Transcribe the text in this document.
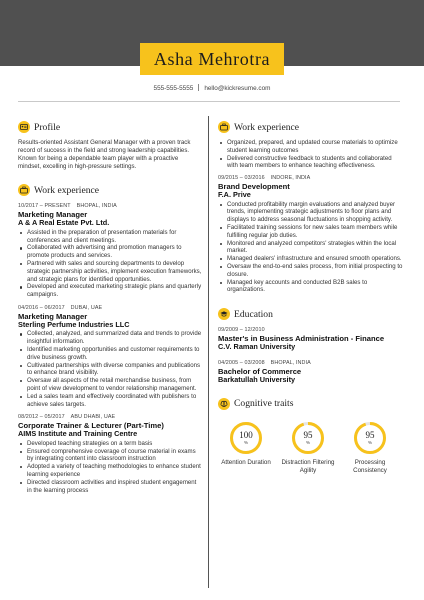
Asha Mehrotra
555-555-5555 hello@kickresume.com
Profile

Results-oriented Assistant General Manager with a proven track record of success in the field and strong leadership capabilities. Known for being a dependable team player with a proactive mindset, excelling in high-pressure settings.

Work experience
10/2017 – PRESENT BHOPAL, INDIA
Marketing Manager
A & A Real Estate Pvt. Ltd.
Assisted in the preparation of presentation materials for conferences and client meetings.
Collaborated with advertising and promotion managers to promote products and services.
Partnered with sales and sourcing departments to develop strategic partnership activities, implement execution frameworks, and strategic plans for identified opportunities.
Developed and executed marketing strategic plans and quarterly campaigns.
04/2016 – 06/2017 DUBAI, UAE
Marketing Manager
Sterling Perfume Industries LLC
Collected, analyzed, and summarized data and trends to provide insightful information.
Identified marketing opportunities and customer requirements to drive business growth.
Cultivated partnerships with diverse companies and publications to enhance brand visibility.
Oversaw all aspects of the retail merchandise business, from point of view development to vendor relationship management.
Led a sales team and effectively coordinated with publishers to achieve sales targets.
08/2012 – 05/2017 ABU DHABI, UAE
Corporate Trainer & Lecturer (Part-Time)
AIMS Institute and Training Centre
Developed teaching strategies on a term basis
Ensured comprehensive coverage of course material in exams by integrating content into classroom instruction
Adopted a variety of teaching methodologies to enhance student learning experience
Directed classroom activities and inspired student engagement in the learning process
Work experience
Organized, prepared, and updated course materials to optimize student learning outcomes
Delivered constructive feedback to students and collaborated with team members to enhance teaching effectiveness.
09/2015 – 03/2016 INDORE, INDIA
Brand Development
F.A. Prive
Conducted profitability margin evaluations and analyzed buyer trends, implementing strategic adjustments to floor plans and displays to address seasonal fluctuations in shopping activity.
Facilitated training sessions for new sales team members while fulfilling regular job duties.
Monitored and analyzed competitors' strategies within the local market.
Managed dealers' infrastructure and ensured smooth operations.
Oversaw the end-to-end sales process, from initial prospecting to closure.
Managed key accounts and conducted B2B sales to organizations.
Education
09/2009 – 12/2010
Master's in Business Administration - Finance
C.V. Raman University
04/2005 – 03/2008 BHOPAL, INDIA
Bachelor of Commerce
Barkatullah University
Cognitive traits
100
%
Attention Duration
95
%
Distraction Filtering Agility
95
%
Processing Consistency
